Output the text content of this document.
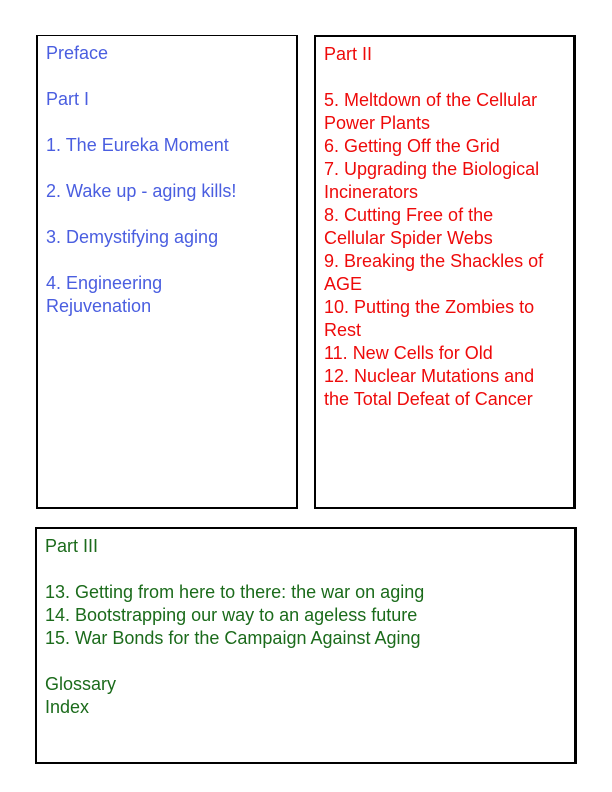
Preface

Part I

1. The Eureka Moment

2. Wake up - aging kills!

3. Demystifying aging

4. Engineering

Rejuvenation

Part II

5. Meltdown of the Cellular

Power Plants

6. Getting Off the Grid

7. Upgrading the Biological

Incinerators

8. Cutting Free of the

Cellular Spider Webs

9. Breaking the Shackles of

AGE

10. Putting the Zombies to

Rest

11. New Cells for Old

12. Nuclear Mutations and

the Total Defeat of Cancer

Part III

13. Getting from here to there: the war on aging

14. Bootstrapping our way to an ageless future

15. War Bonds for the Campaign Against Aging

Glossary

Index
